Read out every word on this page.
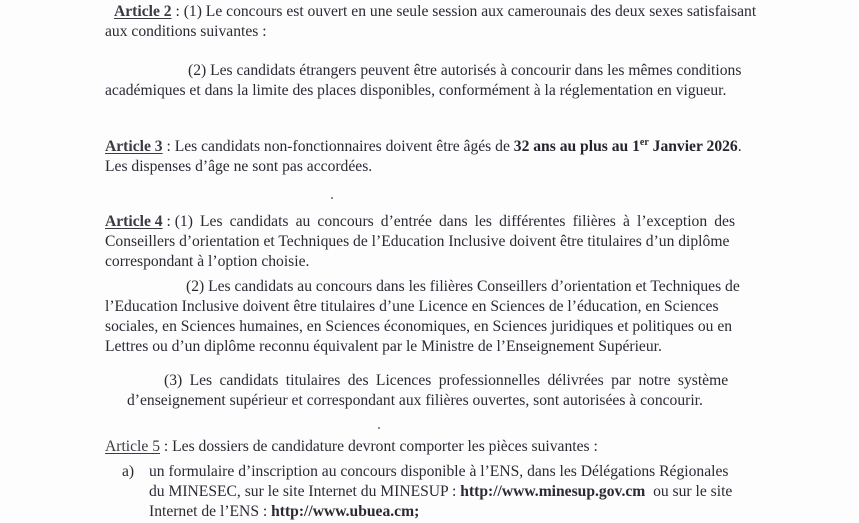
Article 2 : (1) Le concours est ouvert en une seule session aux camerounais des deux sexes satisfaisant
aux conditions suivantes :
(2) Les candidats étrangers peuvent être autorisés à concourir dans les mêmes conditions
académiques et dans la limite des places disponibles, conformément à la réglementation en vigueur.
Article 3 : Les candidats non-fonctionnaires doivent être âgés de 32 ans au plus au 1er Janvier 2026.
Les dispenses d’âge ne sont pas accordées.
Article 4 : (1) Les candidats au concours d’entrée dans les différentes filières à l’exception des
Conseillers d’orientation et Techniques de l’Education Inclusive doivent être titulaires d’un diplôme
correspondant à l’option choisie.
(2) Les candidats au concours dans les filières Conseillers d’orientation et Techniques de
l’Education Inclusive doivent être titulaires d’une Licence en Sciences de l’éducation, en Sciences
sociales, en Sciences humaines, en Sciences économiques, en Sciences juridiques et politiques ou en
Lettres ou d’un diplôme reconnu équivalent par le Ministre de l’Enseignement Supérieur.
(3) Les candidats titulaires des Licences professionnelles délivrées par notre système
d’enseignement supérieur et correspondant aux filières ouvertes, sont autorisées à concourir.
Article 5 : Les dossiers de candidature devront comporter les pièces suivantes :
a) un formulaire d’inscription au concours disponible à l’ENS, dans les Délégations Régionales
du MINESEC, sur le site Internet du MINESUP : http://www.minesup.gov.cm  ou sur le site
Internet de l’ENS : http://www.ubuea.cm;
